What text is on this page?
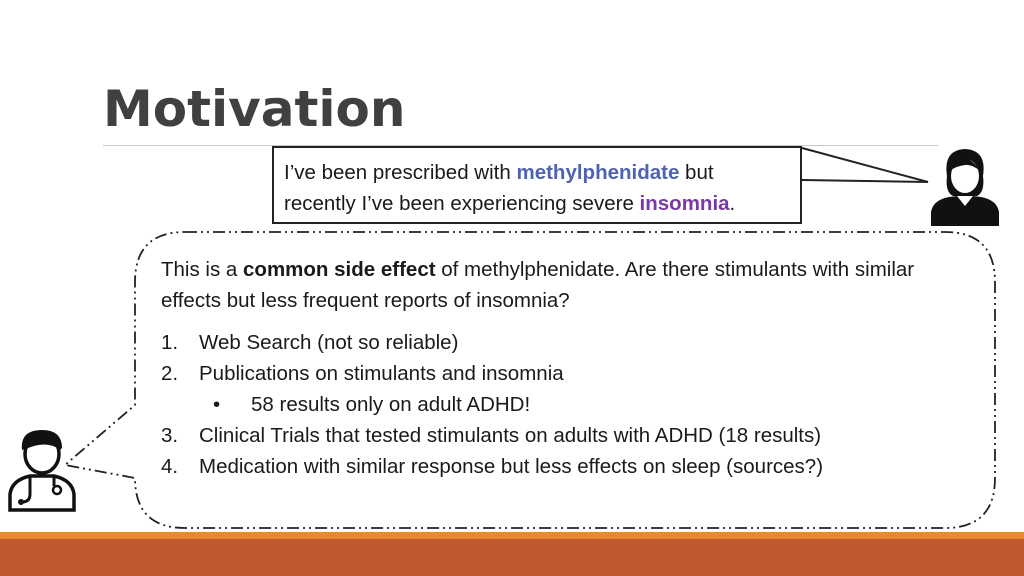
Motivation
I’ve been prescribed with methylphenidate but recently I’ve been experiencing severe insomnia.
This is a common side effect of methylphenidate. Are there stimulants with similar effects but less frequent reports of insomnia?
1. Web Search (not so reliable)
2. Publications on stimulants and insomnia
• 58 results only on adult ADHD!
3. Clinical Trials that tested stimulants on adults with ADHD (18 results)
4. Medication with similar response but less effects on sleep (sources?)
